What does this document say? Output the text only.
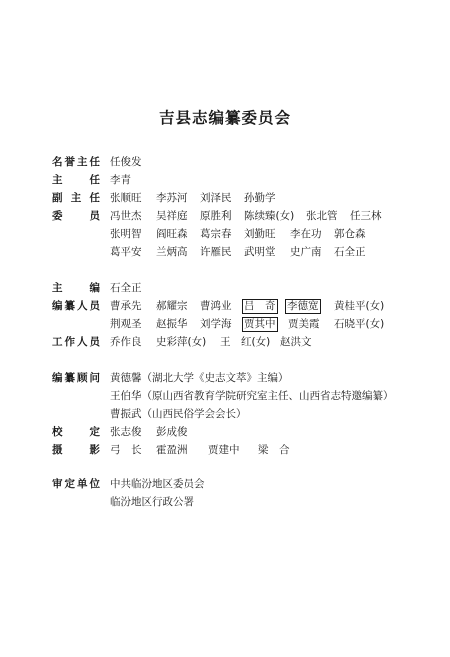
吉县志编纂委员会
名誉主任 任俊发
主任 李青
副主任 张顺旺 李苏河 刘泽民 孙勤学
委员 冯世杰 吴祥庭 原胜利 陈续臻(女) 张北管 任三林
张明智 阎旺森 葛宗春 刘勤旺 李在功 郭仓森
葛平安 兰炳高 许雁民 武明堂 史广南 石全正
主编 石全正
编纂人员 曹承先 郝耀宗 曹鸿业 吕　奇 李德宽 黄桂平(女)
荆观圣 赵振华 刘学海 贾其中 贾美霞 石晓平(女)
工作人员 乔作良 史彩萍(女) 王　红(女) 赵洪文
编纂顾问 黄德馨（湖北大学《史志文萃》主编）
王伯华（原山西省教育学院研究室主任、山西省志特邀编纂）
曹振武（山西民俗学会会长）
校定 张志俊 彭成俊
摄影 弓　长 霍盈洲 贾建中 梁　合
审定单位 中共临汾地区委员会
临汾地区行政公署
